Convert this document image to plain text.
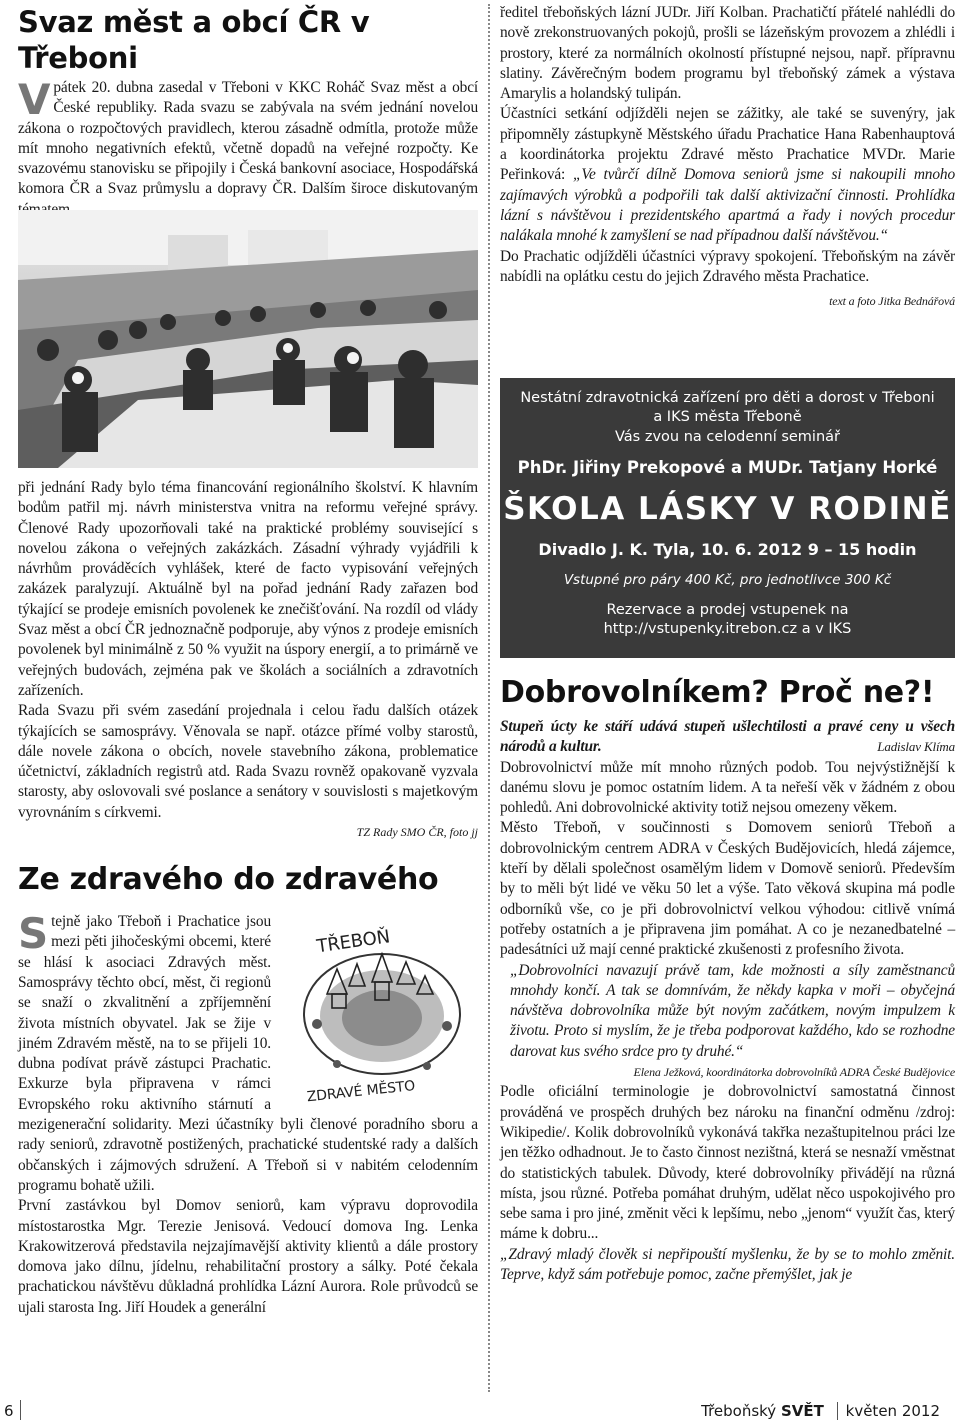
Svaz měst a obcí ČR v Třeboni
V pátek 20. dubna zasedal v Třeboni v KKC Roháč Svaz měst a obcí České republiky. Rada svazu se zabývala na svém jednání novelou zákona o rozpočtových pravidlech, kterou zásadně odmítla, protože může mít mnoho negativních efektů, včetně dopadů na veřejné rozpočty. Ke svazovému stanovisku se připojily i Česká bankovní asociace, Hospodářská komora ČR a Svaz průmyslu a dopravy ČR. Dalším široce diskutovaným

při jednání Rady bylo téma financování regionálního školství. K hlavním bodům patřil mj. návrh ministerstva vnitra na reformu veřejné správy. Členové Rady upozorňovali také na praktické problémy související s novelou zákona o veřejných zakázkách. Zásadní výhrady vyjádřili k návrhům prováděcích vyhlášek, které de facto vypisování veřejných zakázek paralyzují. Aktuálně byl na pořad jednání Rady zařazen bod týkající se prodeje emisních povolenek ke znečišťování. Na rozdíl od vlády Svaz měst a obcí ČR jednoznačně podporuje, aby výnos z prodeje emisních povolenek byl minimálně z 50 % využit na úspory energií, a to primárně ve veřejných budovách, zejména pak ve školách a sociálních a zdravotních zařízeních.

Rada Svazu při svém zasedání projednala i celou řadu dalších otázek týkajících se samosprávy. Věnovala se např. otázce přímé volby starostů, dále novele zákona o obcích, novele stavebního zákona, problematice účetnictví, základních registrů atd. Rada Svazu rovněž opakovaně vyzvala starosty, aby oslovovali své poslance a senátory v souvislosti s majetkovým vyrovnáním s církvemi.

TZ Rady SMO ČR, foto jj
Ze zdravého do zdravého
TŘEBOŇ
ZDRAVÉ MĚSTO
S tejně jako Třeboň i Prachatice jsou mezi pěti jihočeskými obcemi, které se hlásí k asociaci Zdravých měst. Samosprávy těchto obcí, měst, či regionů se snaží o zkvalitnění a zpříjemnění života místních obyvatel. Jak se žije v jiném Zdravém městě, na to se přijeli 10. dubna podívat právě zástupci Prachatic. Exkurze byla připravena v rámci Evropského roku aktivního stárnutí a mezigenerační solidarity. Mezi účastníky byli členové poradního sboru a rady seniorů, zdravotně postižených, prachatické studentské rady a dalších občanských i zájmových sdružení. A Třeboň si v nabitém celodenním programu bohatě užili.

První zastávkou byl Domov seniorů, kam výpravu doprovodila místostarostka Mgr. Terezie Jenisová. Vedoucí domova Ing. Lenka Krakowitzerová představila nejzajímavější aktivity klientů a dále prostory domova jako dílnu, jídelnu, rehabilitační prostory a sálky. Poté čekala prachatickou návštěvu důkladná prohlídka Lázní Aurora. Role průvodců se ujali starosta Ing. Jiří Houdek a generální

ředitel třeboňských lázní JUDr. Jiří Kolban. Prachatičtí přátelé nahlédli do nově zrekonstruovaných pokojů, prošli se lázeňským provozem a zhlédli i prostory, které za normálních okolností přístupné nejsou, např. přípravnu slatiny. Závěrečným bodem programu byl třeboňský zámek a výstava Amarylis a holandský tulipán.

Účastníci setkání odjížděli nejen se zážitky, ale také se suvenýry, jak připomněly zástupkyně Městského úřadu Prachatice Hana Rabenhauptová a koordinátorka projektu Zdravé město Prachatice MVDr. Marie Peřinková: „Ve tvůrčí dílně Domova seniorů jsme si nakoupili mnoho zajímavých výrobků a podpořili tak další aktivizační činnosti. Prohlídka lázní s návštěvou i prezidentského apartmá a řady i nových procedur nalákala mnohé k zamyšlení se nad případnou další návštěvou.“

Do Prachatic odjížděli účastníci výpravy spokojení. Třeboňským na závěr nabídli na oplátku cestu do jejich Zdravého města Prachatice.
text a foto Jitka Bednářová

Nestátní zdravotnická zařízení pro děti a dorost v Třeboni
a IKS města Třeboně
Vás zvou na celodenní seminář
PhDr. Jiřiny Prekopové a MUDr. Tatjany Horké
ŠKOLA LÁSKY V RODINĚ
Divadlo J. K. Tyla, 10. 6. 2012 9 – 15 hodin
Vstupné pro páry 400 Kč, pro jednotlivce 300 Kč
Rezervace a prodej vstupenek na
http://vstupenky.itrebon.cz a v IKS
Dobrovolníkem? Proč ne?!

Stupeň úcty ke stáří udává stupeň ušlechtilosti a pravé ceny u všech národů a kultur.	Ladislav Klíma

Dobrovolnictví může mít mnoho různých podob. Tou nejvýstižnější k danému slovu je pomoc ostatním lidem. A ta neřeší věk v žádném z obou pohledů. Ani dobrovolnické aktivity totiž nejsou omezeny věkem.

Město Třeboň, v součinnosti s Domovem seniorů Třeboň a dobrovolnickým centrem ADRA v Českých Budějovicích, hledá zájemce, kteří by dělali společnost osamělým lidem v Domově seniorů. Především by to měli být lidé ve věku 50 let a výše. Tato věková skupina má podle odborníků vše, co je při dobrovolnictví velkou výhodou: citlivě vnímá potřeby ostatních a je připravena jim pomáhat. A co je nezanedbatelné – padesátníci už mají cenné praktické zkušenosti z profesního života.

„Dobrovolníci navazují právě tam, kde možnosti a síly zaměstnanců mnohdy končí. A tak se domnívám, že někdy kapka v moři – obyčejná návštěva dobrovolníka může být novým začátkem, novým impulzem k životu. Proto si myslím, že je třeba podporovat každého, kdo se rozhodne darovat kus svého srdce pro ty druhé.“

Elena Ježková, koordinátorka dobrovolníků ADRA České Budějovice

Podle oficiální terminologie je dobrovolnictví samostatná činnost prováděná ve prospěch druhých bez nároku na finanční odměnu /zdroj: Wikipedie/. Kolik dobrovolníků vykonává takřka nezaštupitelnou práci lze jen těžko odhadnout. Je to často činnost nezištná, která se nesnaží vměstnat do statistických tabulek. Důvody, které dobrovolníky přivádějí na různá místa, jsou různé. Potřeba pomáhat druhým, udělat něco uspokojivého pro sebe sama i pro jiné, změnit věci k lepšímu, nebo „jenom“ využít čas, který máme k dobru...

„Zdravý mladý člověk si nepřipouští myšlenku, že by se to mohlo změnit. Teprve, když sám potřebuje pomoc, začne přemýšlet, jak je

6	Třeboňský SVĚT květen 2012
